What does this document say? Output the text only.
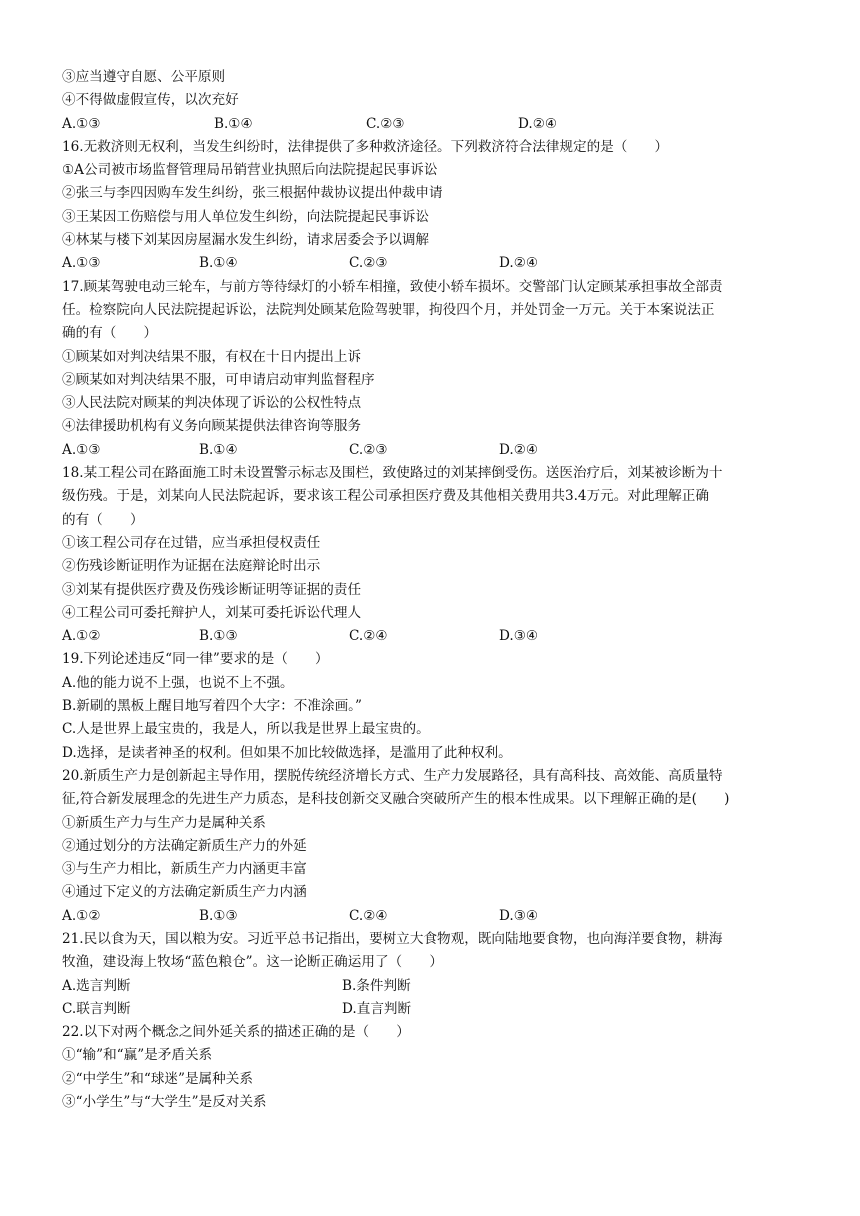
③应当遵守自愿、公平原则
④不得做虚假宣传，以次充好
A.①③	B.①④	C.②③	D.②④
16.无救济则无权利，当发生纠纷时，法律提供了多种救济途径。下列救济符合法律规定的是（　　）
①A公司被市场监督管理局吊销营业执照后向法院提起民事诉讼
②张三与李四因购车发生纠纷，张三根据仲裁协议提出仲裁申请
③王某因工伤赔偿与用人单位发生纠纷，向法院提起民事诉讼
④林某与楼下刘某因房屋漏水发生纠纷，请求居委会予以调解
A.①③	B.①④	C.②③	D.②④
17.顾某驾驶电动三轮车，与前方等待绿灯的小轿车相撞，致使小轿车损坏。交警部门认定顾某承担事故全部责
任。检察院向人民法院提起诉讼，法院判处顾某危险驾驶罪，拘役四个月，并处罚金一万元。关于本案说法正
确的有（　　）
①顾某如对判决结果不服，有权在十日内提出上诉
②顾某如对判决结果不服，可申请启动审判监督程序
③人民法院对顾某的判决体现了诉讼的公权性特点
④法律援助机构有义务向顾某提供法律咨询等服务
A.①③	B.①④	C.②③	D.②④
18.某工程公司在路面施工时未设置警示标志及围栏，致使路过的刘某摔倒受伤。送医治疗后，刘某被诊断为十
级伤残。于是，刘某向人民法院起诉，要求该工程公司承担医疗费及其他相关费用共3.4万元。对此理解正确
的有（　　）
①该工程公司存在过错，应当承担侵权责任
②伤残诊断证明作为证据在法庭辩论时出示
③刘某有提供医疗费及伤残诊断证明等证据的责任
④工程公司可委托辩护人，刘某可委托诉讼代理人
A.①②	B.①③	C.②④	D.③④
19.下列论述违反“同一律”要求的是（　　）
A.他的能力说不上强，也说不上不强。
B.新刷的黑板上醒目地写着四个大字：不准涂画。”
C.人是世界上最宝贵的，我是人，所以我是世界上最宝贵的。
D.选择，是读者神圣的权利。但如果不加比较做选择，是滥用了此种权利。
20.新质生产力是创新起主导作用，摆脱传统经济增长方式、生产力发展路径，具有高科技、高效能、高质量特
征,符合新发展理念的先进生产力质态，是科技创新交叉融合突破所产生的根本性成果。以下理解正确的是(　　)
①新质生产力与生产力是属种关系
②通过划分的方法确定新质生产力的外延
③与生产力相比，新质生产力内涵更丰富
④通过下定义的方法确定新质生产力内涵
A.①②	B.①③	C.②④	D.③④
21.民以食为天，国以粮为安。习近平总书记指出，要树立大食物观，既向陆地要食物，也向海洋要食物，耕海
牧渔，建设海上牧场“蓝色粮仓”。这一论断正确运用了（　　）
A.选言判断	B.条件判断
C.联言判断	D.直言判断
22.以下对两个概念之间外延关系的描述正确的是（　　）
①“输”和“赢”是矛盾关系
②“中学生”和“球迷”是属种关系
③“小学生”与“大学生”是反对关系
